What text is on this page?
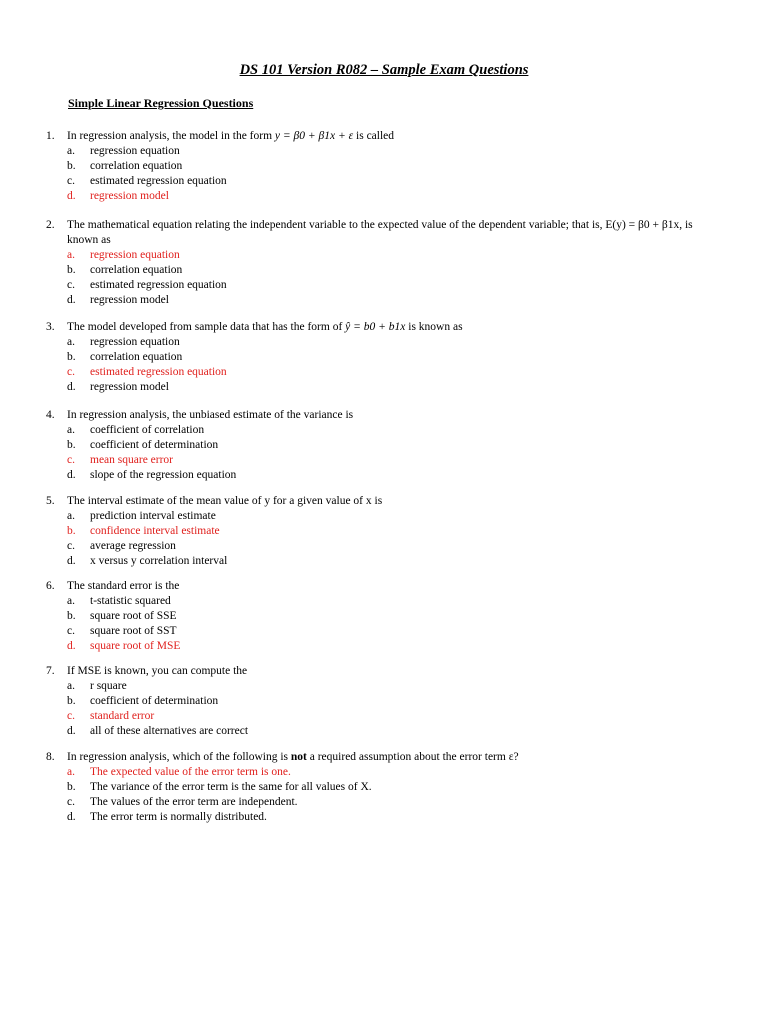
DS 101 Version R082 – Sample Exam Questions
Simple Linear Regression Questions
1.	In regression analysis, the model in the form y = β0 + β1x + ε is called
a.	regression equation
b.	correlation equation
c.	estimated regression equation
d.	regression model
2.	The mathematical equation relating the independent variable to the expected value of the dependent variable; that is, E(y) = β0 + β1x, is known as
a.	regression equation
b.	correlation equation
c.	estimated regression equation
d.	regression model
3.	The model developed from sample data that has the form of ŷ = b0 + b1x is known as
a.	regression equation
b.	correlation equation
c.	estimated regression equation
d.	regression model
4.	In regression analysis, the unbiased estimate of the variance is
a.	coefficient of correlation
b.	coefficient of determination
c.	mean square error
d.	slope of the regression equation
5.	The interval estimate of the mean value of y for a given value of x is
a.	prediction interval estimate
b.	confidence interval estimate
c.	average regression
d.	x versus y correlation interval
6.	The standard error is the
a.	t-statistic squared
b.	square root of SSE
c.	square root of SST
d.	square root of MSE
7.	If MSE is known, you can compute the
a.	r square
b.	coefficient of determination
c.	standard error
d.	all of these alternatives are correct
8.	In regression analysis, which of the following is not a required assumption about the error term ε?
a.	The expected value of the error term is one.
b.	The variance of the error term is the same for all values of X.
c.	The values of the error term are independent.
d.	The error term is normally distributed.
